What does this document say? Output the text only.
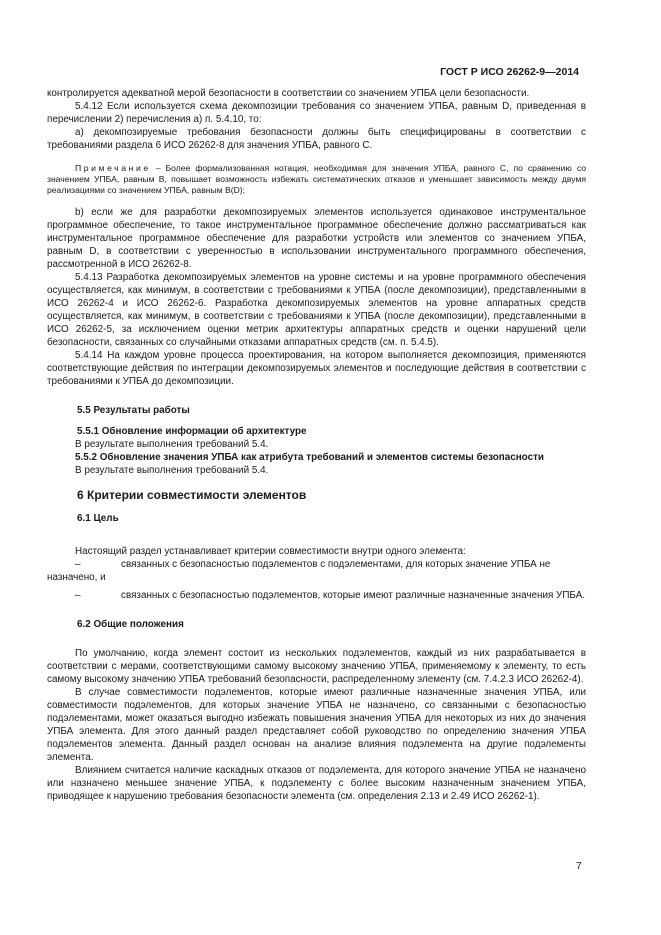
ГОСТ Р ИСО 26262-9—2014

контролируется адекватной мерой безопасности в соответствии со значением УПБА цели безопасности.

5.4.12 Если используется схема декомпозиции требования со значением УПБА, равным D, приведенная в перечислении 2) перечисления а) п. 5.4.10, то:

а) декомпозируемые требования безопасности должны быть специфицированы в соответствии с требованиями раздела 6 ИСО 26262-8 для значения УПБА, равного С.

Примечание – Более формализованная нотация, необходимая для значения УПБА, равного С, по сравнению со значением УПБА, равным В, повышает возможность избежать систематических отказов и уменьшает зависимость между двумя реализациями со значением УПБА, равным В(D);

b) если же для разработки декомпозируемых элементов используется одинаковое инструментальное программное обеспечение, то такое инструментальное программное обеспечение должно рассматриваться как инструментальное программное обеспечение для разработки устройств или элементов со значением УПБА, равным D, в соответствии с уверенностью в использовании инструментального программного обеспечения, рассмотренной в ИСО 26262-8.

5.4.13 Разработка декомпозируемых элементов на уровне системы и на уровне программного обеспечения осуществляется, как минимум, в соответствии с требованиями к УПБА (после декомпозиции), представленными в ИСО 26262-4 и ИСО 26262-6. Разработка декомпозируемых элементов на уровне аппаратных средств осуществляется, как минимум, в соответствии с требованиями к УПБА (после декомпозиции), представленными в ИСО 26262-5, за исключением оценки метрик архитектуры аппаратных средств и оценки нарушений цели безопасности, связанных со случайными отказами аппаратных средств (см. п. 5.4.5).

5.4.14 На каждом уровне процесса проектирования, на котором выполняется декомпозиция, применяются соответствующие действия по интеграции декомпозируемых элементов и последующие действия в соответствии с требованиями к УПБА до декомпозиции.

5.5 Результаты работы

5.5.1 Обновление информации об архитектуре

В результате выполнения требований 5.4.

5.5.2 Обновление значения УПБА как атрибута требований и элементов системы безопасности

В результате выполнения требований 5.4.

6 Критерии совместимости элементов

6.1 Цель

Настоящий раздел устанавливает критерии совместимости внутри одного элемента:

–	связанных с безопасностью подэлементов с подэлементами, для которых значение УПБА не назначено, и

–	связанных с безопасностью подэлементов, которые имеют различные назначенные значения УПБА.

6.2 Общие положения

По умолчанию, когда элемент состоит из нескольких подэлементов, каждый из них разрабатывается в соответствии с мерами, соответствующими самому высокому значению УПБА, применяемому к элементу, то есть самому высокому значению УПБА требований безопасности, распределенному элементу (см. 7.4.2.3 ИСО 26262-4).

В случае совместимости подэлементов, которые имеют различные назначенные значения УПБА, или совместимости подэлементов, для которых значение УПБА не назначено, со связанными с безопасностью подэлементами, может оказаться выгодно избежать повышения значения УПБА для некоторых из них до значения УПБА элемента. Для этого данный раздел представляет собой руководство по определению значения УПБА подэлементов элемента. Данный раздел основан на анализе влияния подэлемента на другие подэлементы элемента.

Влиянием считается наличие каскадных отказов от подэлемента, для которого значение УПБА не назначено или назначено меньшее значение УПБА, к подэлементу с более высоким назначенным значением УПБА, приводящее к нарушению требования безопасности элемента (см. определения 2.13 и 2.49 ИСО 26262-1).

7
